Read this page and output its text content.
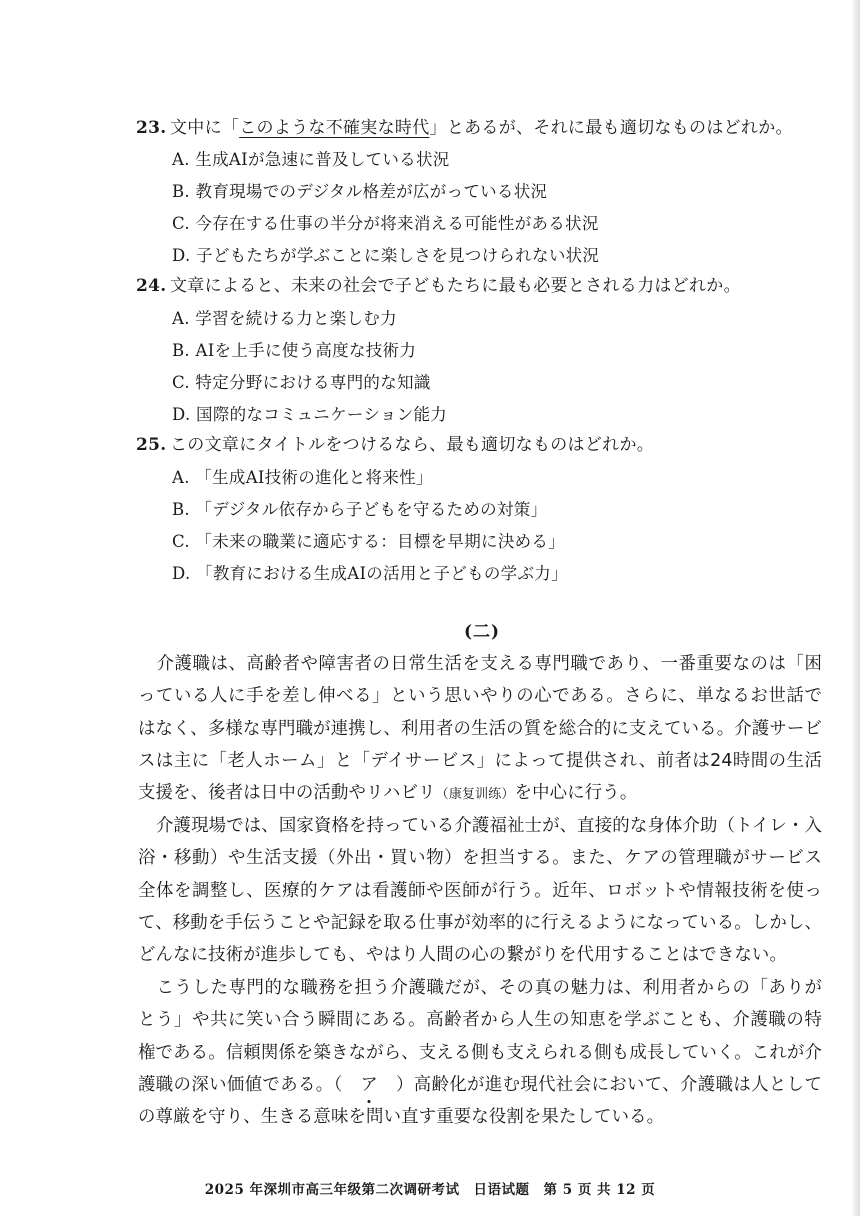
23. 文中に「このような不確実な時代」とあるが、それに最も適切なものはどれか。
A. 生成AIが急速に普及している状況
B. 教育現場でのデジタル格差が広がっている状況
C. 今存在する仕事の半分が将来消える可能性がある状況
D. 子どもたちが学ぶことに楽しさを見つけられない状況
24. 文章によると、未来の社会で子どもたちに最も必要とされる力はどれか。
A. 学習を続ける力と楽しむ力
B. AIを上手に使う高度な技術力
C. 特定分野における専門的な知識
D. 国際的なコミュニケーション能力
25. この文章にタイトルをつけるなら、最も適切なものはどれか。
A. 「生成AI技術の進化と将来性」
B. 「デジタル依存から子どもを守るための対策」
C. 「未来の職業に適応する：目標を早期に決める」
D. 「教育における生成AIの活用と子どもの学ぶ力」
(二)

介護職は、高齢者や障害者の日常生活を支える専門職であり、一番重要なのは「困っている人に手を差し伸べる」という思いやりの心である。さらに、単なるお世話ではなく、多様な専門職が連携し、利用者の生活の質を総合的に支えている。介護サービスは主に「老人ホーム」と「デイサービス」によって提供され、前者は24時間の生活支援を、後者は日中の活動やリハビリ（康复训练）を中心に行う。

介護現場では、国家資格を持っている介護福祉士が、直接的な身体介助（トイレ・入浴・移動）や生活支援（外出・買い物）を担当する。また、ケアの管理職がサービス全体を調整し、医療的ケアは看護師や医師が行う。近年、ロボットや情報技術を使って、移動を手伝うことや記録を取る仕事が効率的に行えるようになっている。しかし、どんなに技術が進歩しても、やはり人間の心の繋がりを代用することはできない。

こうした専門的な職務を担う介護職だが、その真の魅力は、利用者からの「ありがとう」や共に笑い合う瞬間にある。高齢者から人生の知恵を学ぶことも、介護職の特権である。信頼関係を築きながら、支える側も支えられる側も成長していく。これが介護職の深い価値である。（　ア
　）高齢化が進む現代社会において、介護職は人としての尊厳を守り、生きる意味を問い直す重要な役割を果たしている。

2025 年深圳市高三年级第二次调研考试　日语试题　第 5 页 共 12 页
